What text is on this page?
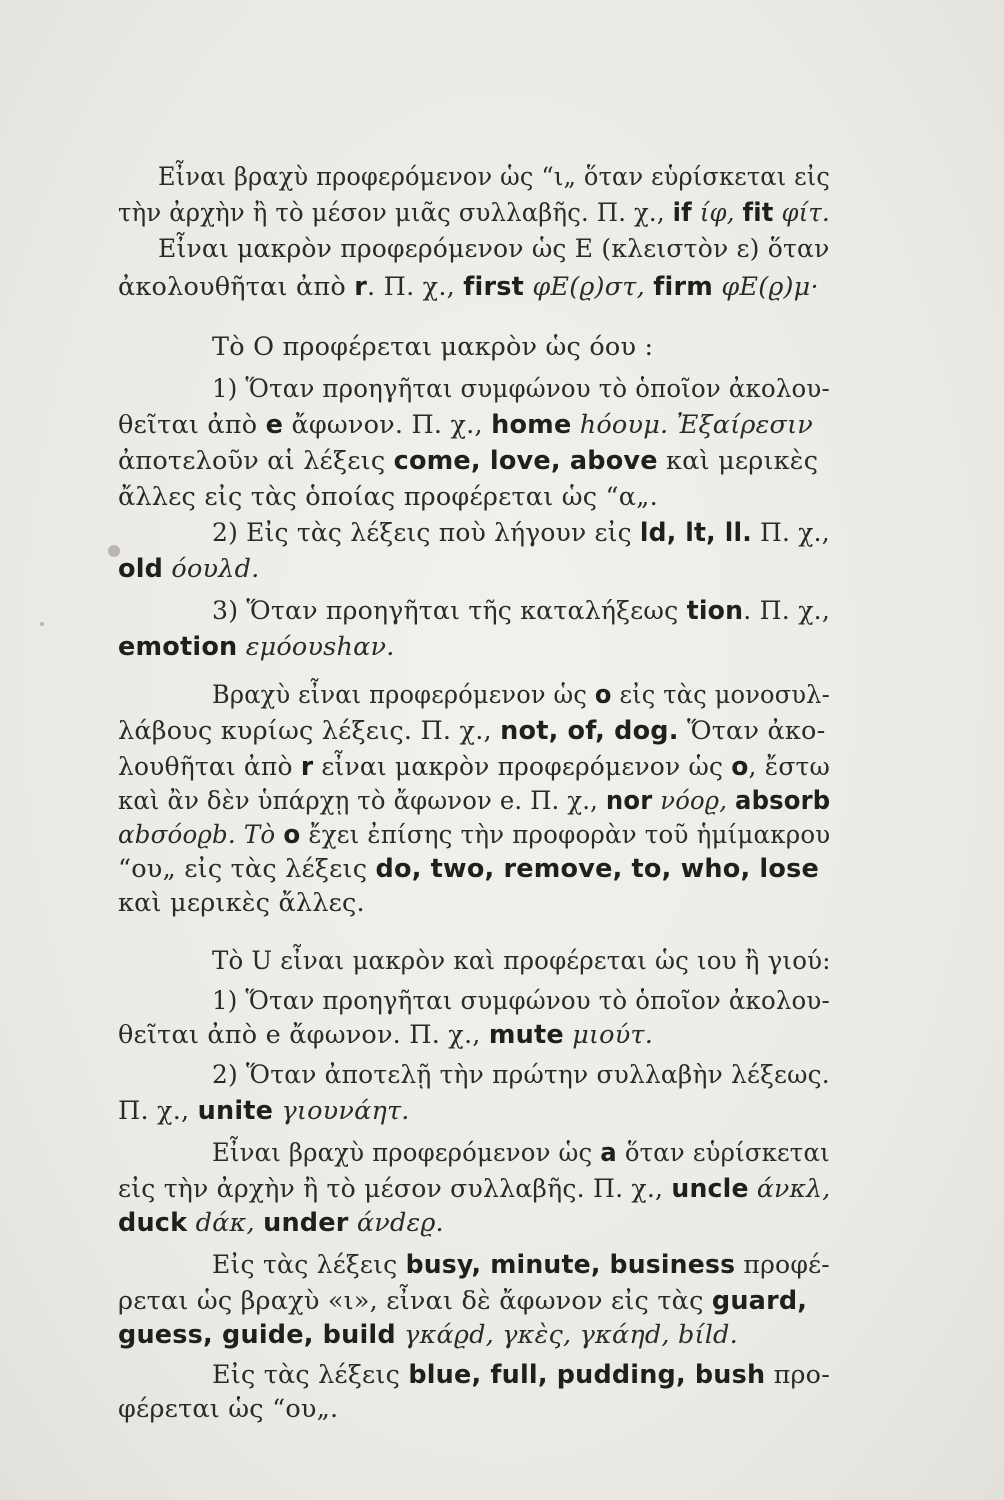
Εἶναι βραχὺ προφερόμενον ὡς “ι„ ὅταν εὑρίσκεται εἰς
τὴν ἀρχὴν ἢ τὸ μέσον μιᾶς συλλαβῆς. Π. χ., if ίφ, fit φίτ.
Εἶναι μακρὸν προφερόμενον ὡς E (κλειστὸν ε) ὅταν
ἀκολουθῆται ἀπὸ r. Π. χ., first φE(ϱ)στ, firm φE(ϱ)μ·
Τὸ O προφέρεται μακρὸν ὡς όου :
1) Ὅταν προηγῆται συμφώνου τὸ ὁποῖον ἀκολου-
θεῖται ἀπὸ e ἄφωνον. Π. χ., home hόουμ. Ἐξαίρεσιν
ἀποτελοῦν αἱ λέξεις come, love, above καὶ μερικὲς
ἄλλες εἰς τὰς ὁποίας προφέρεται ὡς “α„.
2) Εἰς τὰς λέξεις ποὺ λήγουν εἰς ld, lt, ll. Π. χ.,
old όουλd.
3) Ὅταν προηγῆται τῆς καταλήξεως tion. Π. χ.,
emotion εμόουshαν.
Βραχὺ εἶναι προφερόμενον ὡς o εἰς τὰς μονοσυλ-
λάβους κυρίως λέξεις. Π. χ., not, of, dog. Ὅταν ἀκο-
λουθῆται ἀπὸ r εἶναι μακρὸν προφερόμενον ὡς o, ἔστω
καὶ ἂν δὲν ὑπάρχῃ τὸ ἄφωνον e. Π. χ., nor νόοϱ, absorb
αbσόοϱb. Τὸ o ἔχει ἐπίσης τὴν προφορὰν τοῦ ἡμίμακρου
“ου„ εἰς τὰς λέξεις do, two, remove, to, who, lose
καὶ μερικὲς ἄλλες.
Τὸ U εἶναι μακρὸν καὶ προφέρεται ὡς ιου ἢ γιού:
1) Ὅταν προηγῆται συμφώνου τὸ ὁποῖον ἀκολου-
θεῖται ἀπὸ e ἄφωνον. Π. χ., mute μιούτ.
2) Ὅταν ἀποτελῇ τὴν πρώτην συλλαβὴν λέξεως.
Π. χ., unite γιουνάητ.
Εἶναι βραχὺ προφερόμενον ὡς a ὅταν εὑρίσκεται
εἰς τὴν ἀρχὴν ἢ τὸ μέσον συλλαβῆς. Π. χ., uncle άνκλ,
duck dάκ, under άνdεϱ.
Εἰς τὰς λέξεις busy, minute, business προφέ-
ρεται ὡς βραχὺ «ι», εἶναι δὲ ἄφωνον εἰς τὰς guard,
guess, guide, build γκάϱd, γκὲς, γκάηd, bίld.
Εἰς τὰς λέξεις blue, full, pudding, bush προ-
φέρεται ὡς “ου„.
